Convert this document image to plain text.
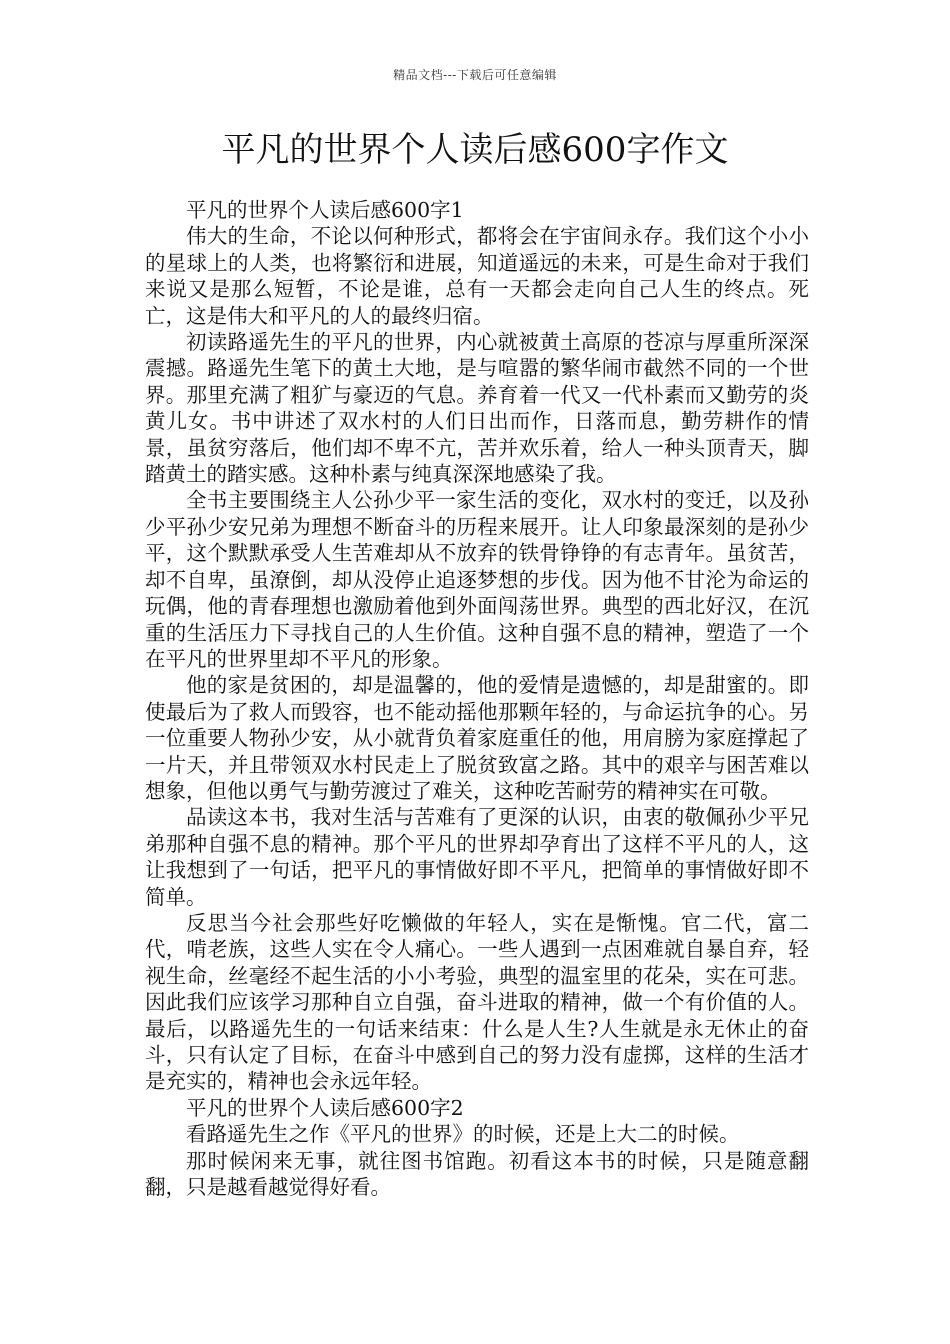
精品文档---下载后可任意编辑
平凡的世界个人读后感600字作文

平凡的世界个人读后感600字1

伟大的生命，不论以何种形式，都将会在宇宙间永存。我们这个小小的星球上的人类，也将繁衍和进展，知道遥远的未来，可是生命对于我们来说又是那么短暂，不论是谁，总有一天都会走向自己人生的终点。死亡，这是伟大和平凡的人的最终归宿。

初读路遥先生的平凡的世界，内心就被黄土高原的苍凉与厚重所深深震撼。路遥先生笔下的黄土大地，是与喧嚣的繁华闹市截然不同的一个世界。那里充满了粗犷与豪迈的气息。养育着一代又一代朴素而又勤劳的炎黄儿女。书中讲述了双水村的人们日出而作，日落而息，勤劳耕作的情景，虽贫穷落后，他们却不卑不亢，苦并欢乐着，给人一种头顶青天，脚踏黄土的踏实感。这种朴素与纯真深深地感染了我。

全书主要围绕主人公孙少平一家生活的变化，双水村的变迁，以及孙少平孙少安兄弟为理想不断奋斗的历程来展开。让人印象最深刻的是孙少平，这个默默承受人生苦难却从不放弃的铁骨铮铮的有志青年。虽贫苦，却不自卑，虽潦倒，却从没停止追逐梦想的步伐。因为他不甘沦为命运的玩偶，他的青春理想也激励着他到外面闯荡世界。典型的西北好汉，在沉重的生活压力下寻找自己的人生价值。这种自强不息的精神，塑造了一个在平凡的世界里却不平凡的形象。

他的家是贫困的，却是温馨的，他的爱情是遗憾的，却是甜蜜的。即使最后为了救人而毁容，也不能动摇他那颗年轻的，与命运抗争的心。另一位重要人物孙少安，从小就背负着家庭重任的他，用肩膀为家庭撑起了一片天，并且带领双水村民走上了脱贫致富之路。其中的艰辛与困苦难以想象，但他以勇气与勤劳渡过了难关，这种吃苦耐劳的精神实在可敬。

品读这本书，我对生活与苦难有了更深的认识，由衷的敬佩孙少平兄弟那种自强不息的精神。那个平凡的世界却孕育出了这样不平凡的人，这让我想到了一句话，把平凡的事情做好即不平凡，把简单的事情做好即不简单。

反思当今社会那些好吃懒做的年轻人，实在是惭愧。官二代，富二代，啃老族，这些人实在令人痛心。一些人遇到一点困难就自暴自弃，轻视生命，丝毫经不起生活的小小考验，典型的温室里的花朵，实在可悲。因此我们应该学习那种自立自强，奋斗进取的精神，做一个有价值的人。最后，以路遥先生的一句话来结束：什么是人生?人生就是永无休止的奋斗，只有认定了目标，在奋斗中感到自己的努力没有虚掷，这样的生活才是充实的，精神也会永远年轻。

平凡的世界个人读后感600字2

看路遥先生之作《平凡的世界》的时候，还是上大二的时候。

那时候闲来无事，就往图书馆跑。初看这本书的时候，只是随意翻翻，只是越看越觉得好看。
